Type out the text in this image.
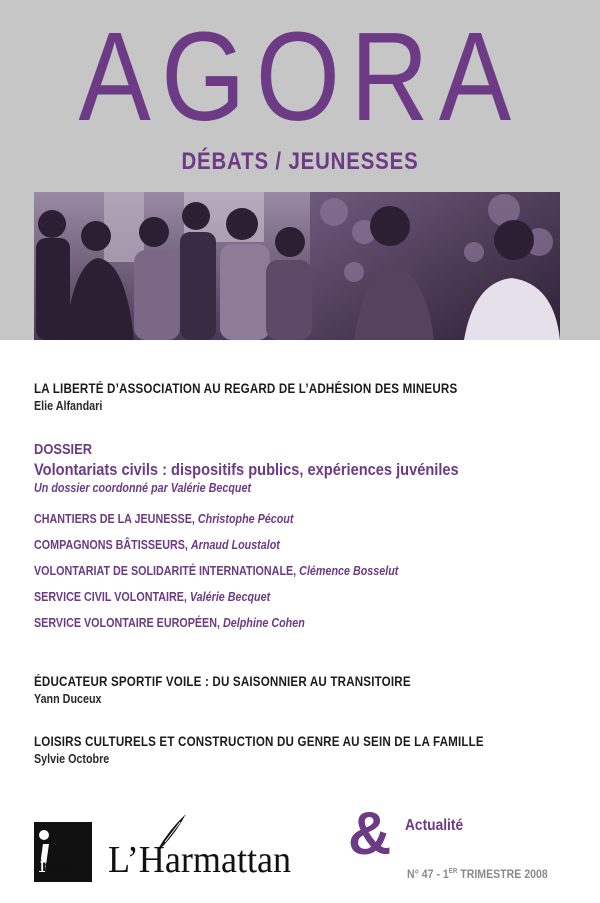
AGORA
DÉBATS / JEUNESSES
LA LIBERTÉ D’ASSOCIATION AU REGARD DE L’ADHÉSION DES MINEURS
Elie Alfandari
DOSSIER
Volontariats civils : dispositifs publics, expériences juvéniles
Un dossier coordonné par Valérie Becquet
CHANTIERS DE LA JEUNESSE, Christophe Pécout
COMPAGNONS BÂTISSEURS, Arnaud Loustalot
VOLONTARIAT DE SOLIDARITÉ INTERNATIONALE, Clémence Bosselut
SERVICE CIVIL VOLONTAIRE, Valérie Becquet
SERVICE VOLONTAIRE EUROPÉEN, Delphine Cohen
ÉDUCATEUR SPORTIF VOILE : DU SAISONNIER AU TRANSITOIRE
Yann Duceux
LOISIRS CULTURELS ET CONSTRUCTION DU GENRE AU SEIN DE LA FAMILLE
Sylvie Octobre
injep L’Harmattan & Actualité
N° 47 - 1ER TRIMESTRE 2008
